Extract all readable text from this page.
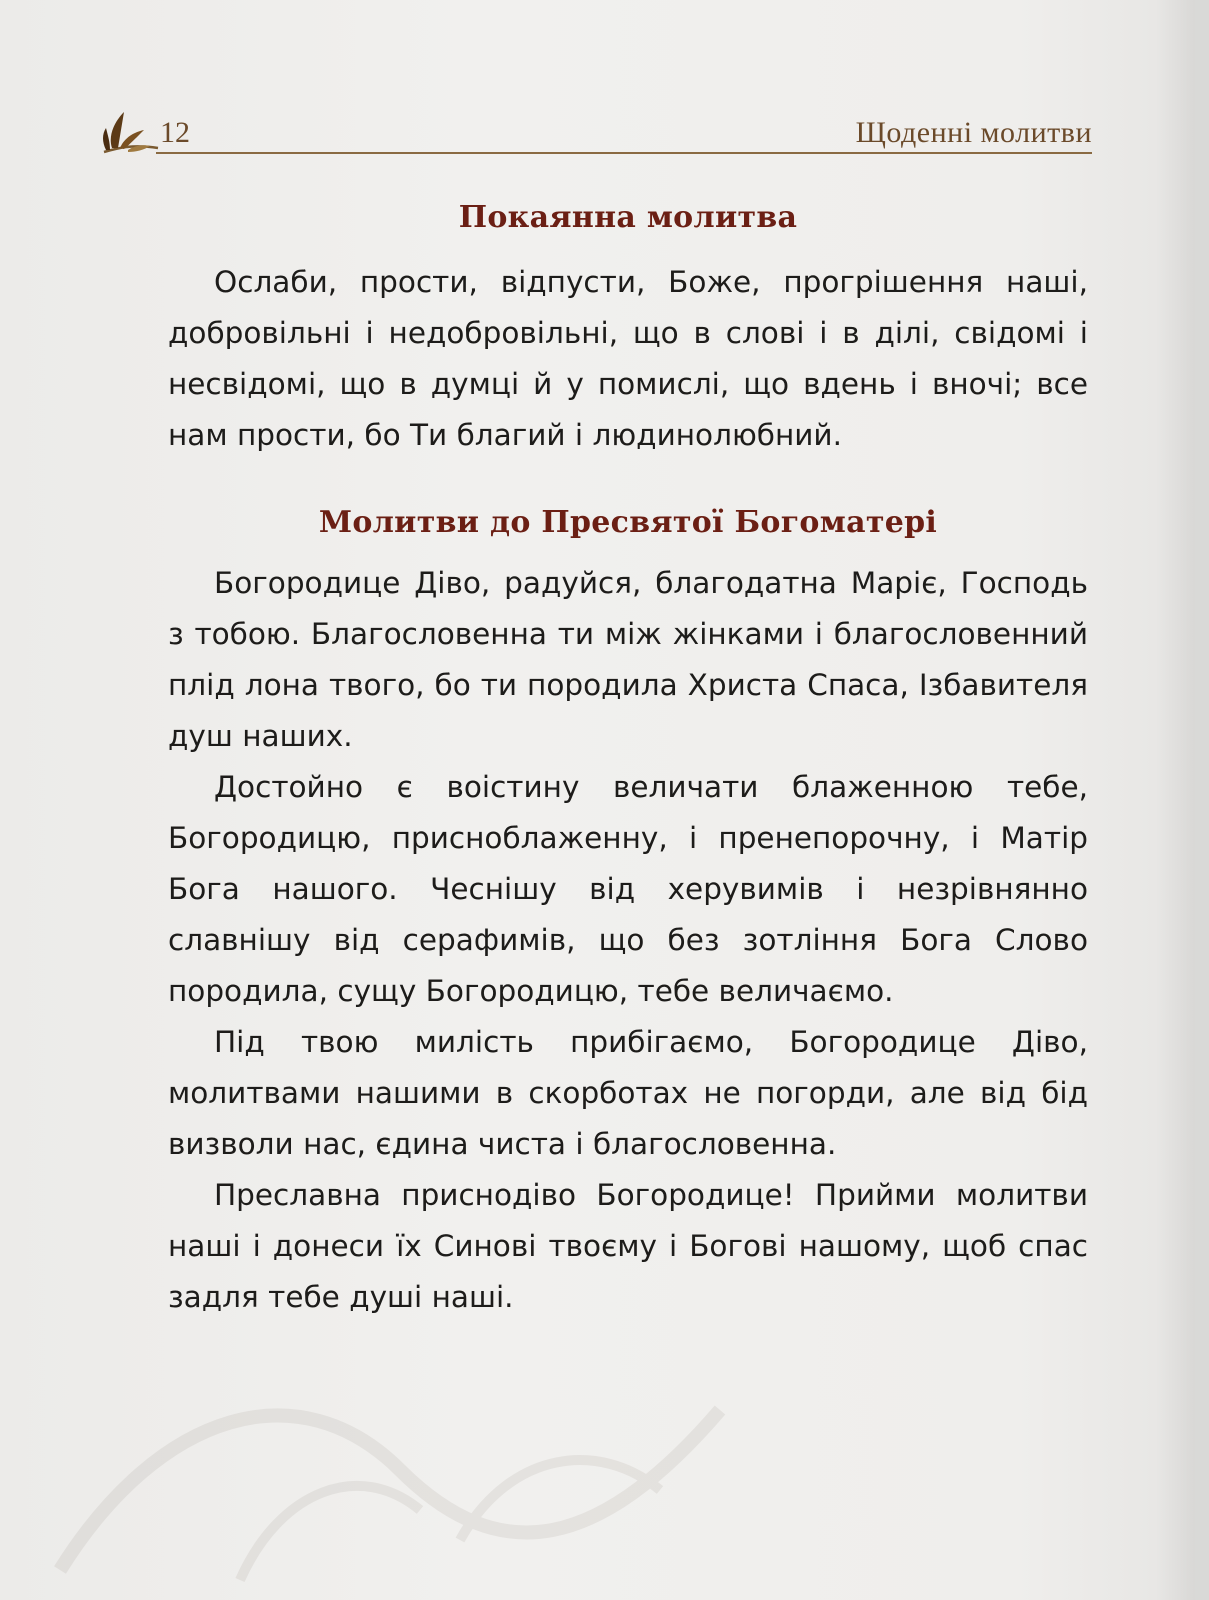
12	Щоденні молитви
Покаянна молитва

Ослаби, прости, відпусти, Боже, прогрішення наші, добровільні і недобровільні, що в слові і в ділі, свідомі і несвідомі, що в думці й у помислі, що вдень і вночі; все нам прости, бо Ти благий і людинолюбний.

Молитви до Пресвятої Богоматері

Богородице Діво, радуйся, благодатна Маріє, Господь з тобою. Благословенна ти між жінками і благословенний плід лона твого, бо ти породила Христа Спаса, Ізбавителя душ наших.

Достойно є воістину величати блаженною тебе, Богородицю, присноблаженну, і пренепорочну, і Матір Бога нашого. Чеснішу від херувимів і незрівнянно славнішу від серафимів, що без зотління Бога Слово породила, сущу Богородицю, тебе величаємо.

Під твою милість прибігаємо, Богородице Діво, молитвами нашими в скорботах не погорди, але від бід визволи нас, єдина чиста і благословенна.

Преславна приснодіво Богородице! Прийми молитви наші і донеси їх Синові твоєму і Богові нашому, щоб спас задля тебе душі наші.
